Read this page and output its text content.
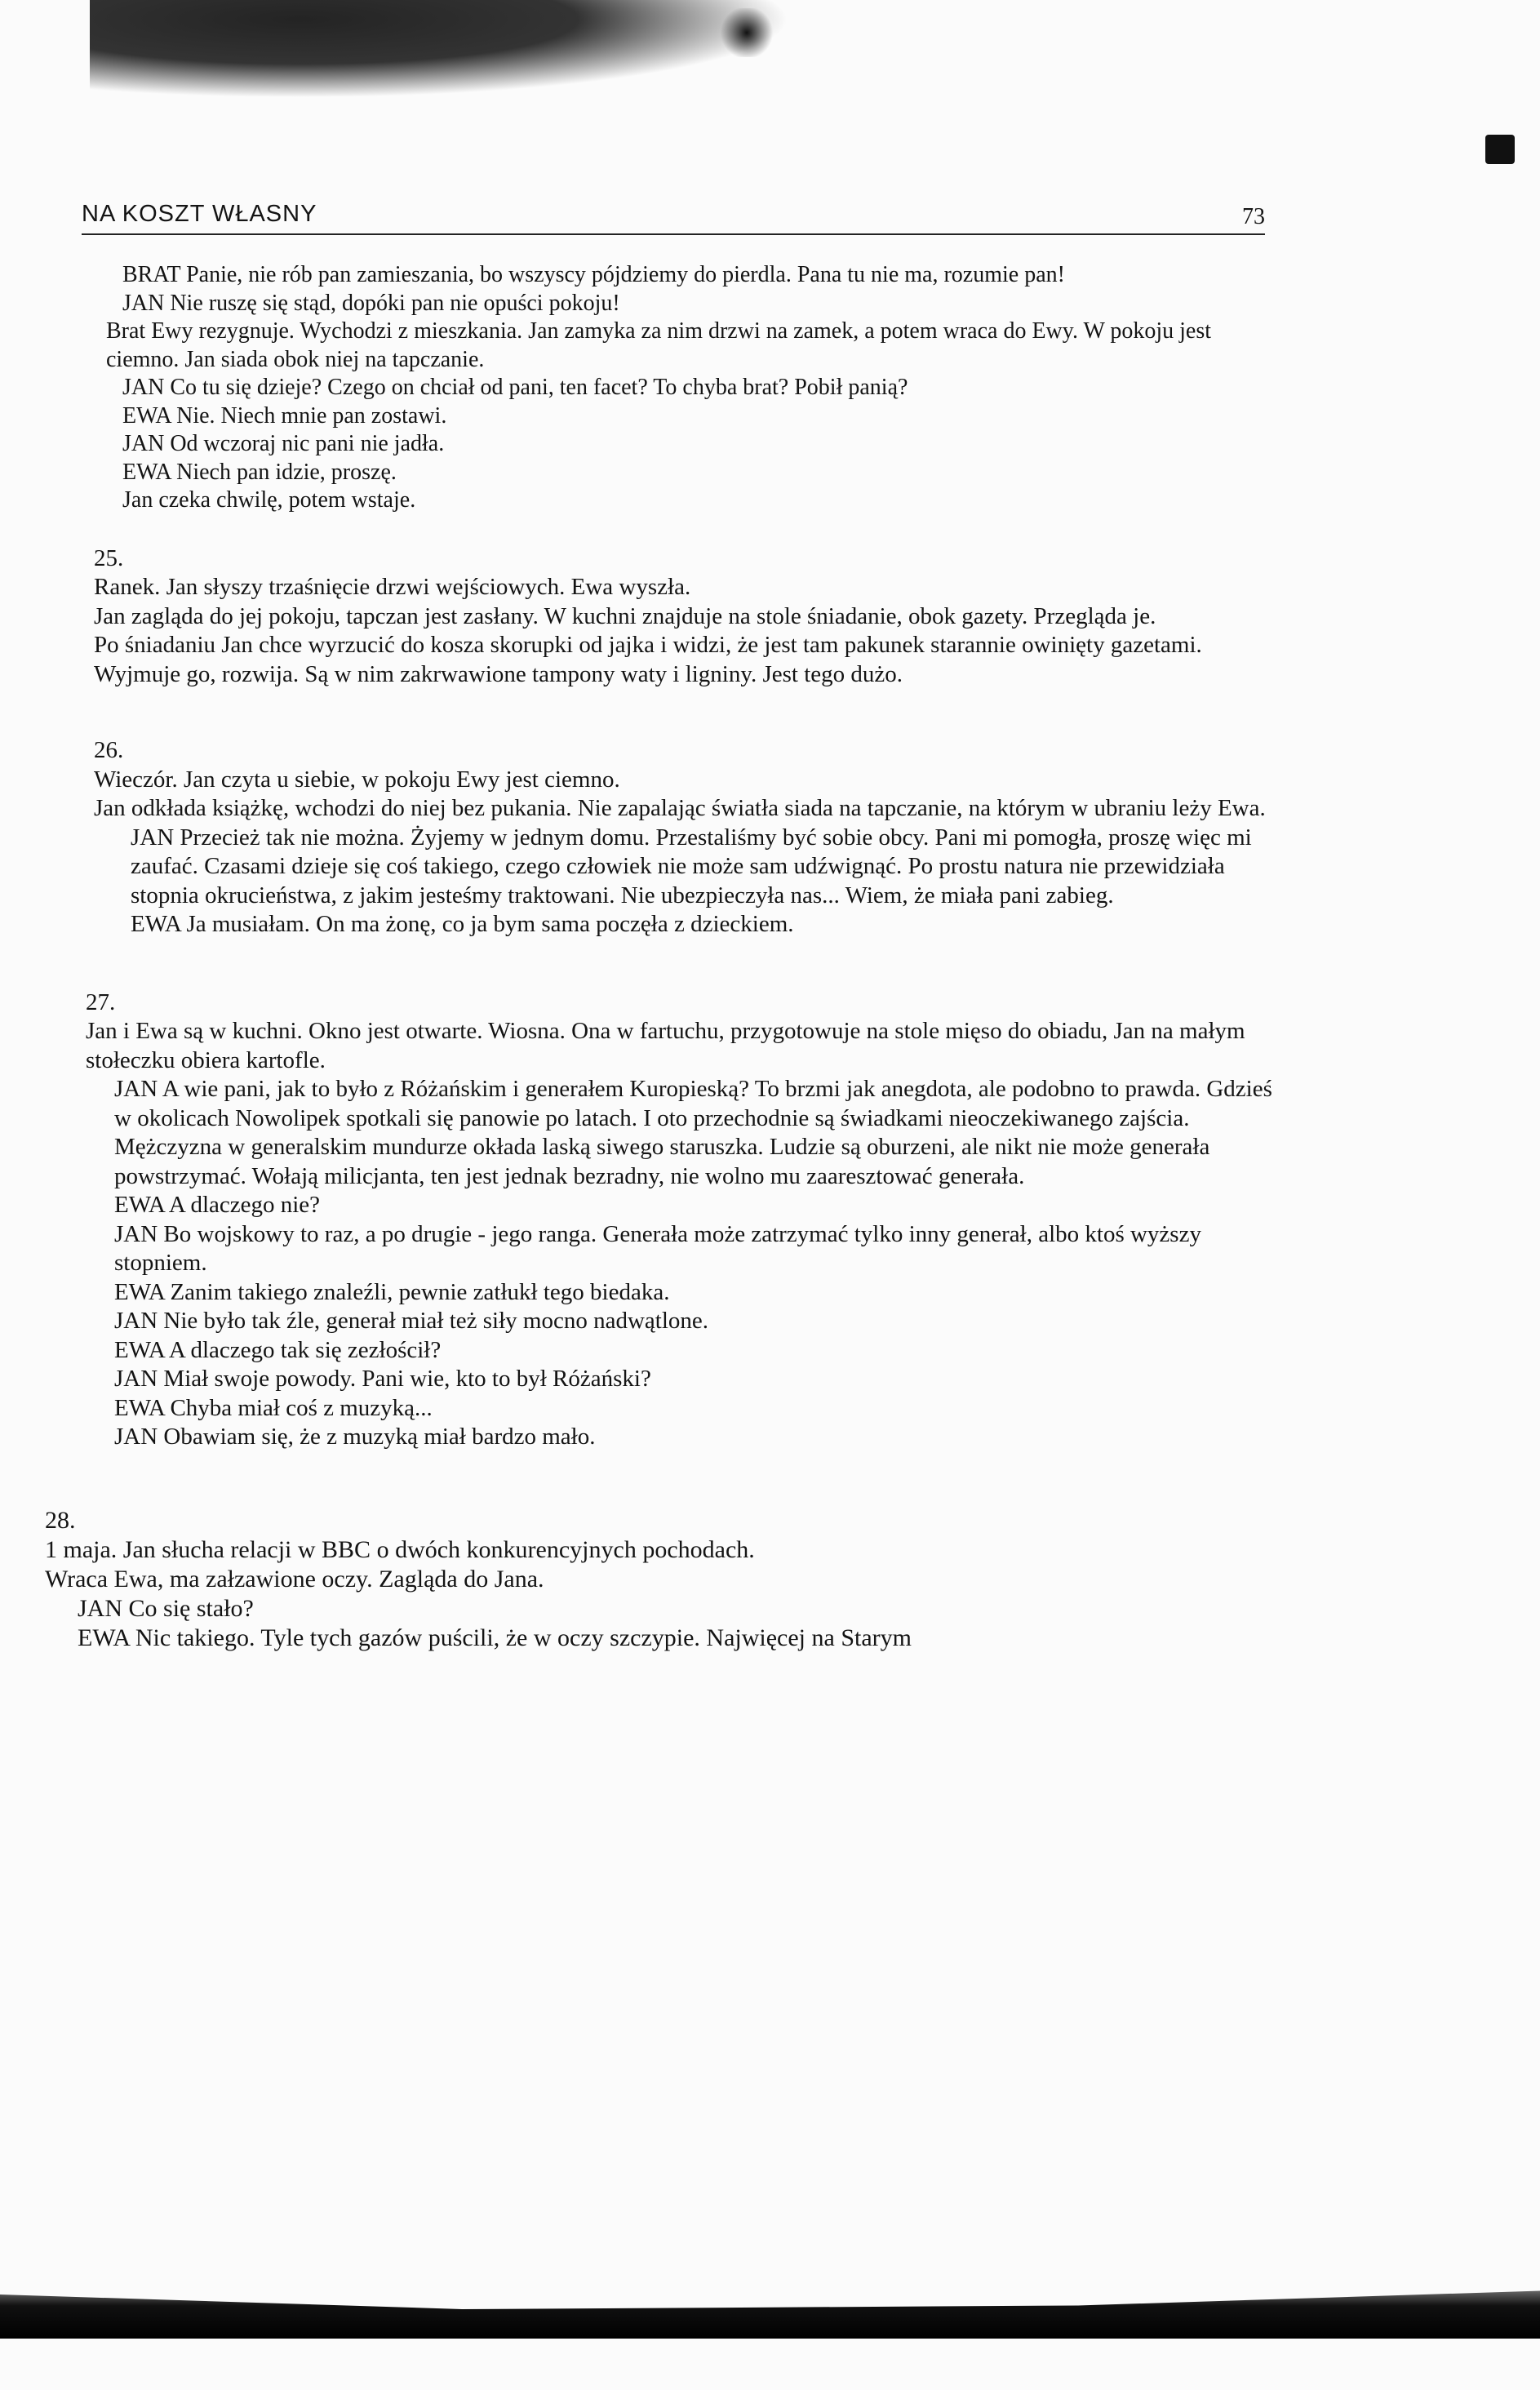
NA KOSZT WŁASNY	73

BRAT Panie, nie rób pan zamieszania, bo wszyscy pójdziemy do pierdla. Pana tu nie ma, rozumie pan!

JAN Nie ruszę się stąd, dopóki pan nie opuści pokoju!

Brat Ewy rezygnuje. Wychodzi z mieszkania. Jan zamyka za nim drzwi na zamek, a potem wraca do Ewy. W pokoju jest ciemno. Jan siada obok niej na tapczanie.

JAN Co tu się dzieje? Czego on chciał od pani, ten facet? To chyba brat? Pobił panią?

EWA Nie. Niech mnie pan zostawi.

JAN Od wczoraj nic pani nie jadła.

EWA Niech pan idzie, proszę.

Jan czeka chwilę, potem wstaje.

25.

Ranek. Jan słyszy trzaśnięcie drzwi wejściowych. Ewa wyszła.

Jan zagląda do jej pokoju, tapczan jest zasłany. W kuchni znajduje na stole śniadanie, obok gazety. Przegląda je.

Po śniadaniu Jan chce wyrzucić do kosza skorupki od jajka i widzi, że jest tam pakunek starannie owinięty gazetami. Wyjmuje go, rozwija. Są w nim zakrwawione tampony waty i ligniny. Jest tego dużo.

26.

Wieczór. Jan czyta u siebie, w pokoju Ewy jest ciemno.

Jan odkłada książkę, wchodzi do niej bez pukania. Nie zapalając światła siada na tapczanie, na którym w ubraniu leży Ewa.

JAN Przecież tak nie można. Żyjemy w jednym domu. Przestaliśmy być sobie obcy. Pani mi pomogła, proszę więc mi zaufać. Czasami dzieje się coś takiego, czego człowiek nie może sam udźwignąć. Po prostu natura nie przewidziała stopnia okrucieństwa, z jakim jesteśmy traktowani. Nie ubezpieczyła nas... Wiem, że miała pani zabieg.

EWA Ja musiałam. On ma żonę, co ja bym sama poczęła z dzieckiem.

27.

Jan i Ewa są w kuchni. Okno jest otwarte. Wiosna. Ona w fartuchu, przygotowuje na stole mięso do obiadu, Jan na małym stołeczku obiera kartofle.

JAN A wie pani, jak to było z Różańskim i generałem Kuropieską? To brzmi jak anegdota, ale podobno to prawda. Gdzieś w okolicach Nowolipek spotkali się panowie po latach. I oto przechodnie są świadkami nieoczekiwanego zajścia. Mężczyzna w generalskim mundurze okłada laską siwego staruszka. Ludzie są oburzeni, ale nikt nie może generała powstrzymać. Wołają milicjanta, ten jest jednak bezradny, nie wolno mu zaaresztować generała.

EWA A dlaczego nie?

JAN Bo wojskowy to raz, a po drugie - jego ranga. Generała może zatrzymać tylko inny generał, albo ktoś wyższy stopniem.

EWA Zanim takiego znaleźli, pewnie zatłukł tego biedaka.

JAN Nie było tak źle, generał miał też siły mocno nadwątlone.

EWA A dlaczego tak się zezłościł?

JAN Miał swoje powody. Pani wie, kto to był Różański?

EWA Chyba miał coś z muzyką...

JAN Obawiam się, że z muzyką miał bardzo mało.

28.

1 maja. Jan słucha relacji w BBC o dwóch konkurencyjnych pochodach.

Wraca Ewa, ma załzawione oczy. Zagląda do Jana.

JAN Co się stało?

EWA Nic takiego. Tyle tych gazów puścili, że w oczy szczypie. Najwięcej na Starym
